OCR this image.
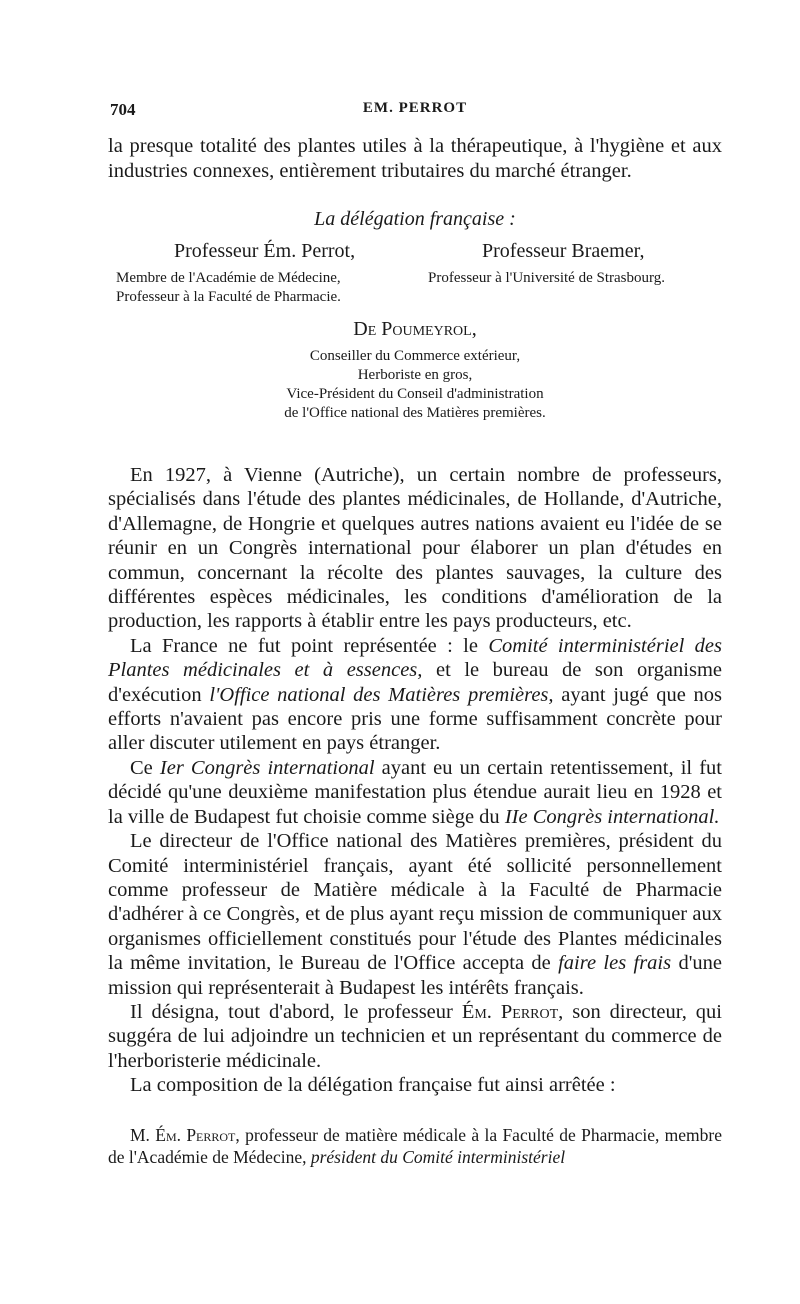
704	EM. PERROT

la presque totalité des plantes utiles à la thérapeutique, à l'hygiène et aux industries connexes, entièrement tributaires du marché étranger.

La délégation française :
Professeur Ém. Perrot,
Membre de l'Académie de Médecine,
Professeur à la Faculté de Pharmacie.
Professeur Braemer,
Professeur à l'Université de Strasbourg.
De Poumeyrol,
Conseiller du Commerce extérieur,
Herboriste en gros,
Vice-Président du Conseil d'administration
de l'Office national des Matières premières.

En 1927, à Vienne (Autriche), un certain nombre de professeurs, spécialisés dans l'étude des plantes médicinales, de Hollande, d'Autriche, d'Allemagne, de Hongrie et quelques autres nations avaient eu l'idée de se réunir en un Congrès international pour élaborer un plan d'études en commun, concernant la récolte des plantes sauvages, la culture des différentes espèces médicinales, les conditions d'amélioration de la production, les rapports à établir entre les pays producteurs, etc.

La France ne fut point représentée : le Comité interministériel des Plantes médicinales et à essences, et le bureau de son organisme d'exécution l'Office national des Matières premières, ayant jugé que nos efforts n'avaient pas encore pris une forme suffisamment concrète pour aller discuter utilement en pays étranger.

Ce Ier Congrès international ayant eu un certain retentissement, il fut décidé qu'une deuxième manifestation plus étendue aurait lieu en 1928 et la ville de Budapest fut choisie comme siège du IIe Congrès international.

Le directeur de l'Office national des Matières premières, président du Comité interministériel français, ayant été sollicité personnellement comme professeur de Matière médicale à la Faculté de Pharmacie d'adhérer à ce Congrès, et de plus ayant reçu mission de communiquer aux organismes officiellement constitués pour l'étude des Plantes médicinales la même invitation, le Bureau de l'Office accepta de faire les frais d'une mission qui représenterait à Budapest les intérêts français.

Il désigna, tout d'abord, le professeur Ém. Perrot, son directeur, qui suggéra de lui adjoindre un technicien et un représentant du commerce de l'herboristerie médicinale.

La composition de la délégation française fut ainsi arrêtée :

M. Ém. Perrot, professeur de matière médicale à la Faculté de Pharmacie, membre de l'Académie de Médecine, président du Comité interministériel
